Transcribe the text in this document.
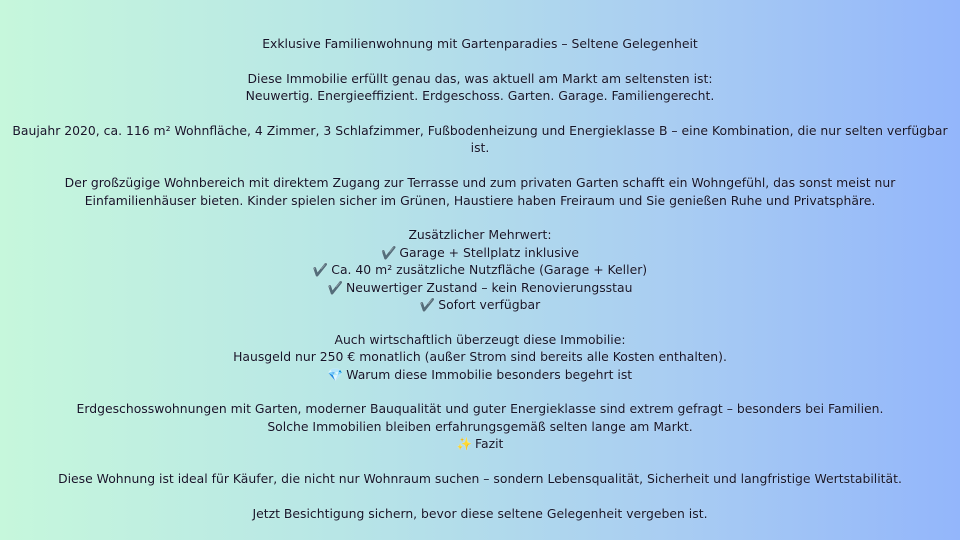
Exklusive Familienwohnung mit Gartenparadies – Seltene Gelegenheit
Diese Immobilie erfüllt genau das, was aktuell am Markt am seltensten ist:
Neuwertig. Energieeffizient. Erdgeschoss. Garten. Garage. Familiengerecht.
Baujahr 2020, ca. 116 m² Wohnfläche, 4 Zimmer, 3 Schlafzimmer, Fußbodenheizung und Energieklasse B – eine Kombination, die nur selten verfügbar ist.
Der großzügige Wohnbereich mit direktem Zugang zur Terrasse und zum privaten Garten schafft ein Wohngefühl, das sonst meist nur Einfamilienhäuser bieten. Kinder spielen sicher im Grünen, Haustiere haben Freiraum und Sie genießen Ruhe und Privatsphäre.
Zusätzlicher Mehrwert:
✔️ Garage + Stellplatz inklusive
✔️ Ca. 40 m² zusätzliche Nutzfläche (Garage + Keller)
✔️ Neuwertiger Zustand – kein Renovierungsstau
✔️ Sofort verfügbar
Auch wirtschaftlich überzeugt diese Immobilie:
Hausgeld nur 250 € monatlich (außer Strom sind bereits alle Kosten enthalten).
💎 Warum diese Immobilie besonders begehrt ist
Erdgeschosswohnungen mit Garten, moderner Bauqualität und guter Energieklasse sind extrem gefragt – besonders bei Familien.
Solche Immobilien bleiben erfahrungsgemäß selten lange am Markt.
✨ Fazit
Diese Wohnung ist ideal für Käufer, die nicht nur Wohnraum suchen – sondern Lebensqualität, Sicherheit und langfristige Wertstabilität.
Jetzt Besichtigung sichern, bevor diese seltene Gelegenheit vergeben ist.
